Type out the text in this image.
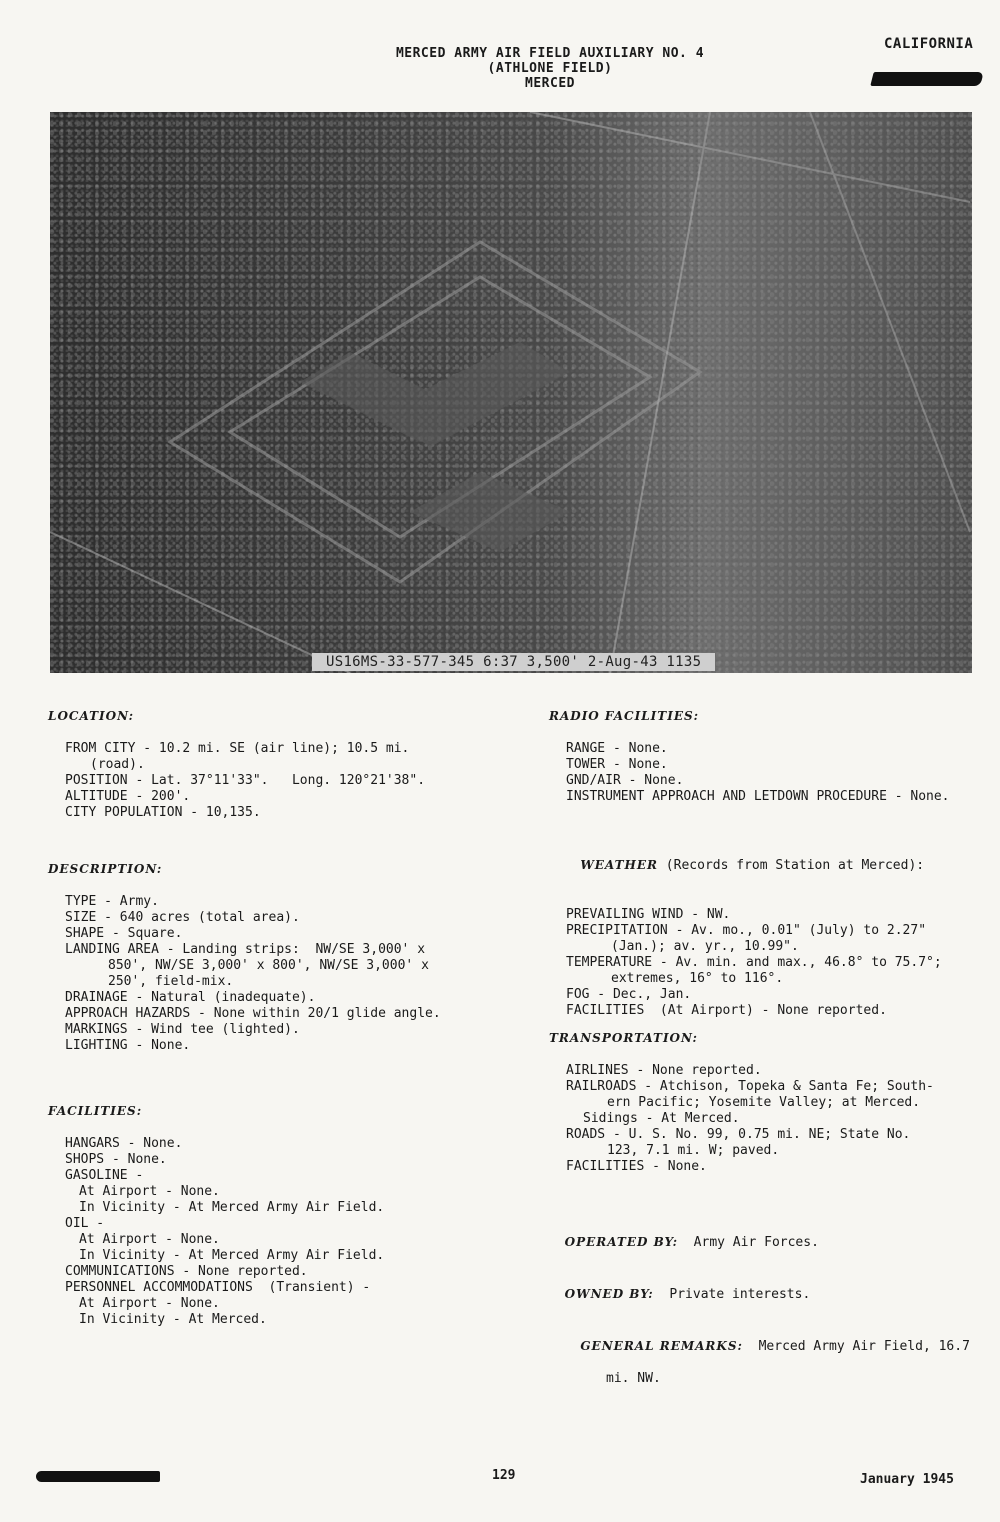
MERCED ARMY AIR FIELD AUXILIARY NO. 4
(ATHLONE FIELD)
MERCED
CALIFORNIA
US16MS-33-577-345 6:37 3,500' 2-Aug-43 1135
LOCATION:
FROM CITY - 10.2 mi. SE (air line); 10.5 mi.
(road).
POSITION - Lat. 37°11'33".   Long. 120°21'38".
ALTITUDE - 200'.
CITY POPULATION - 10,135.
DESCRIPTION:
TYPE - Army.
SIZE - 640 acres (total area).
SHAPE - Square.
LANDING AREA - Landing strips:  NW/SE 3,000' x
850', NW/SE 3,000' x 800', NW/SE 3,000' x
250', field-mix.
DRAINAGE - Natural (inadequate).
APPROACH HAZARDS - None within 20/1 glide angle.
MARKINGS - Wind tee (lighted).
LIGHTING - None.
FACILITIES:
HANGARS - None.
SHOPS - None.
GASOLINE -
At Airport - None.
In Vicinity - At Merced Army Air Field.
OIL -
At Airport - None.
In Vicinity - At Merced Army Air Field.
COMMUNICATIONS - None reported.
PERSONNEL ACCOMMODATIONS  (Transient) -
At Airport - None.
In Vicinity - At Merced.
RADIO FACILITIES:
RANGE - None.
TOWER - None.
GND/AIR - None.
INSTRUMENT APPROACH AND LETDOWN PROCEDURE - None.

WEATHER (Records from Station at Merced):

PREVAILING WIND - NW.
PRECIPITATION - Av. mo., 0.01" (July) to 2.27"
(Jan.); av. yr., 10.99".
TEMPERATURE - Av. min. and max., 46.8° to 75.7°;
extremes, 16° to 116°.
FOG - Dec., Jan.
FACILITIES  (At Airport) - None reported.
TRANSPORTATION:
AIRLINES - None reported.
RAILROADS - Atchison, Topeka & Santa Fe; South-
ern Pacific; Yosemite Valley; at Merced.
Sidings - At Merced.
ROADS - U. S. No. 99, 0.75 mi. NE; State No.
123, 7.1 mi. W; paved.
FACILITIES - None.

OPERATED BY: Army Air Forces.

OWNED BY: Private interests.

GENERAL REMARKS: Merced Army Air Field, 16.7

mi. NW.
129	January 1945
